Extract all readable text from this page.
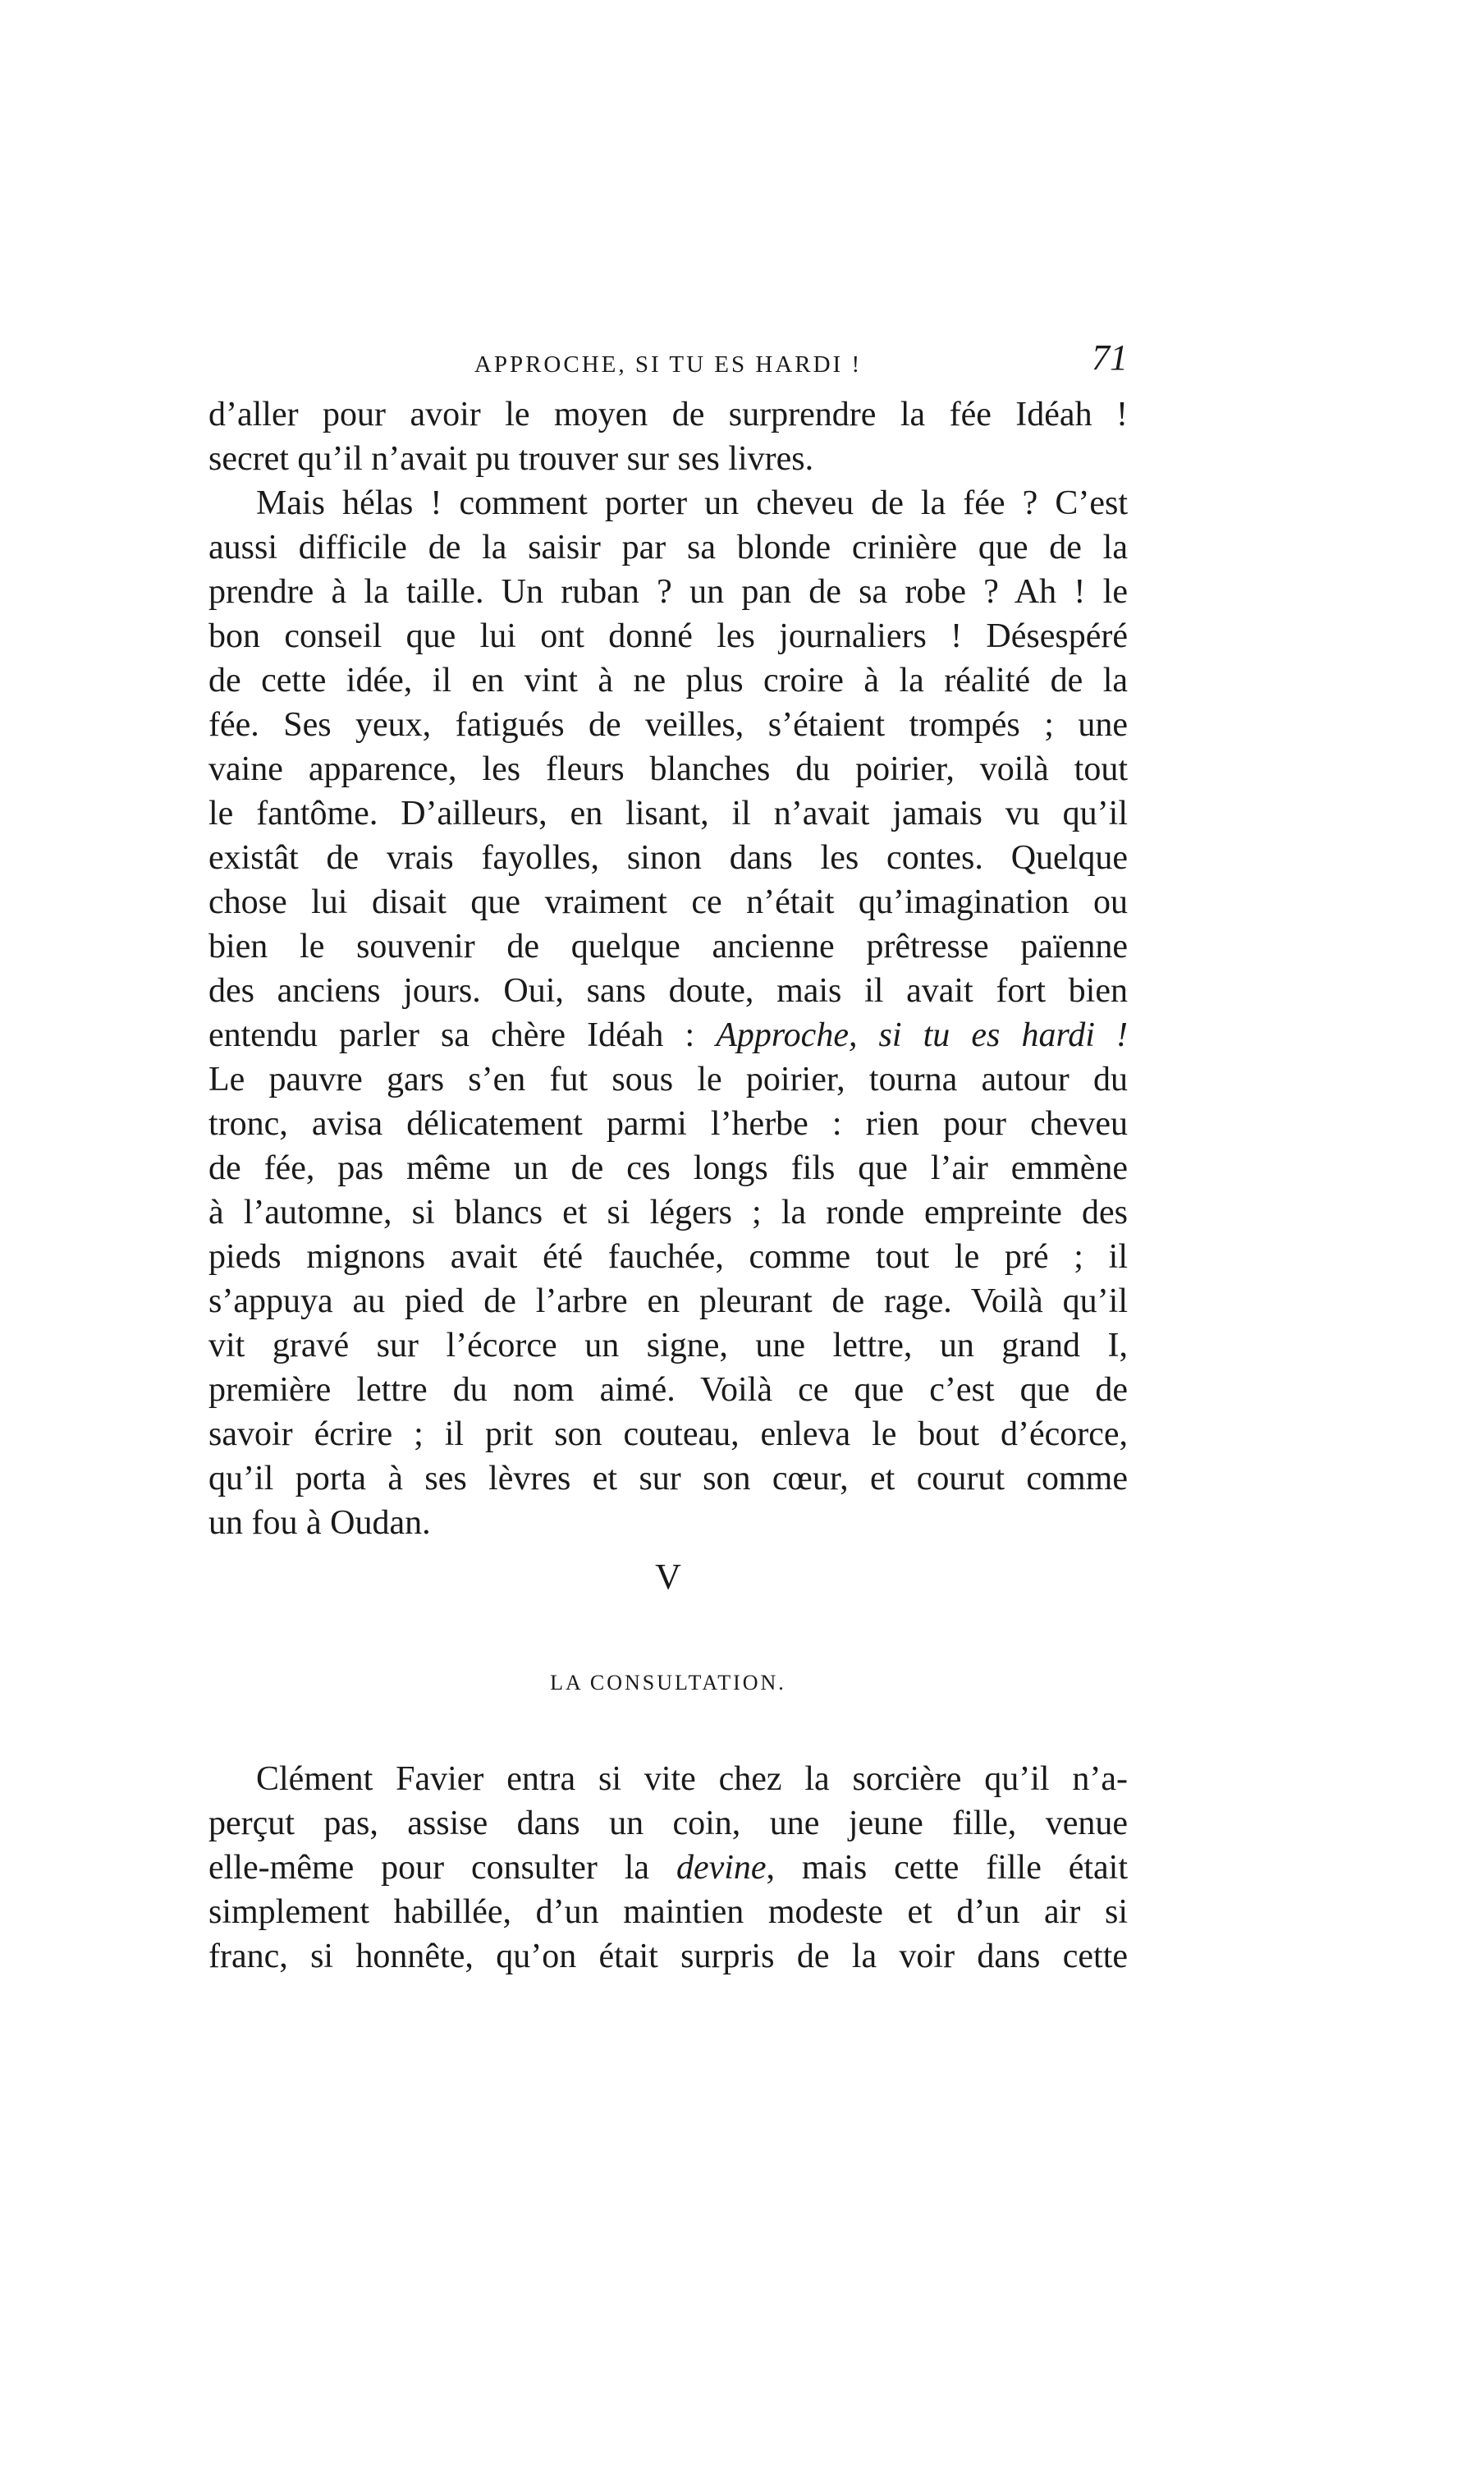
APPROCHE, SI TU ES HARDI !	71
d’aller pour avoir le moyen de surprendre la fée Idéah !
secret qu’il n’avait pu trouver sur ses livres.
Mais hélas ! comment porter un cheveu de la fée ? C’est
aussi difficile de la saisir par sa blonde crinière que de la
prendre à la taille. Un ruban ? un pan de sa robe ? Ah ! le
bon conseil que lui ont donné les journaliers ! Désespéré
de cette idée, il en vint à ne plus croire à la réalité de la
fée. Ses yeux, fatigués de veilles, s’étaient trompés ; une
vaine apparence, les fleurs blanches du poirier, voilà tout
le fantôme. D’ailleurs, en lisant, il n’avait jamais vu qu’il
existât de vrais fayolles, sinon dans les contes. Quelque
chose lui disait que vraiment ce n’était qu’imagination ou
bien le souvenir de quelque ancienne prêtresse païenne
des anciens jours. Oui, sans doute, mais il avait fort bien
entendu parler sa chère Idéah : Approche, si tu es hardi !
Le pauvre gars s’en fut sous le poirier, tourna autour du
tronc, avisa délicatement parmi l’herbe : rien pour cheveu
de fée, pas même un de ces longs fils que l’air emmène
à l’automne, si blancs et si légers ; la ronde empreinte des
pieds mignons avait été fauchée, comme tout le pré ; il
s’appuya au pied de l’arbre en pleurant de rage. Voilà qu’il
vit gravé sur l’écorce un signe, une lettre, un grand I,
première lettre du nom aimé. Voilà ce que c’est que de
savoir écrire ; il prit son couteau, enleva le bout d’écorce,
qu’il porta à ses lèvres et sur son cœur, et courut comme
un fou à Oudan.
V
LA CONSULTATION.
Clément Favier entra si vite chez la sorcière qu’il n’a-
perçut pas, assise dans un coin, une jeune fille, venue
elle-même pour consulter la devine, mais cette fille était
simplement habillée, d’un maintien modeste et d’un air si
franc, si honnête, qu’on était surpris de la voir dans cette
